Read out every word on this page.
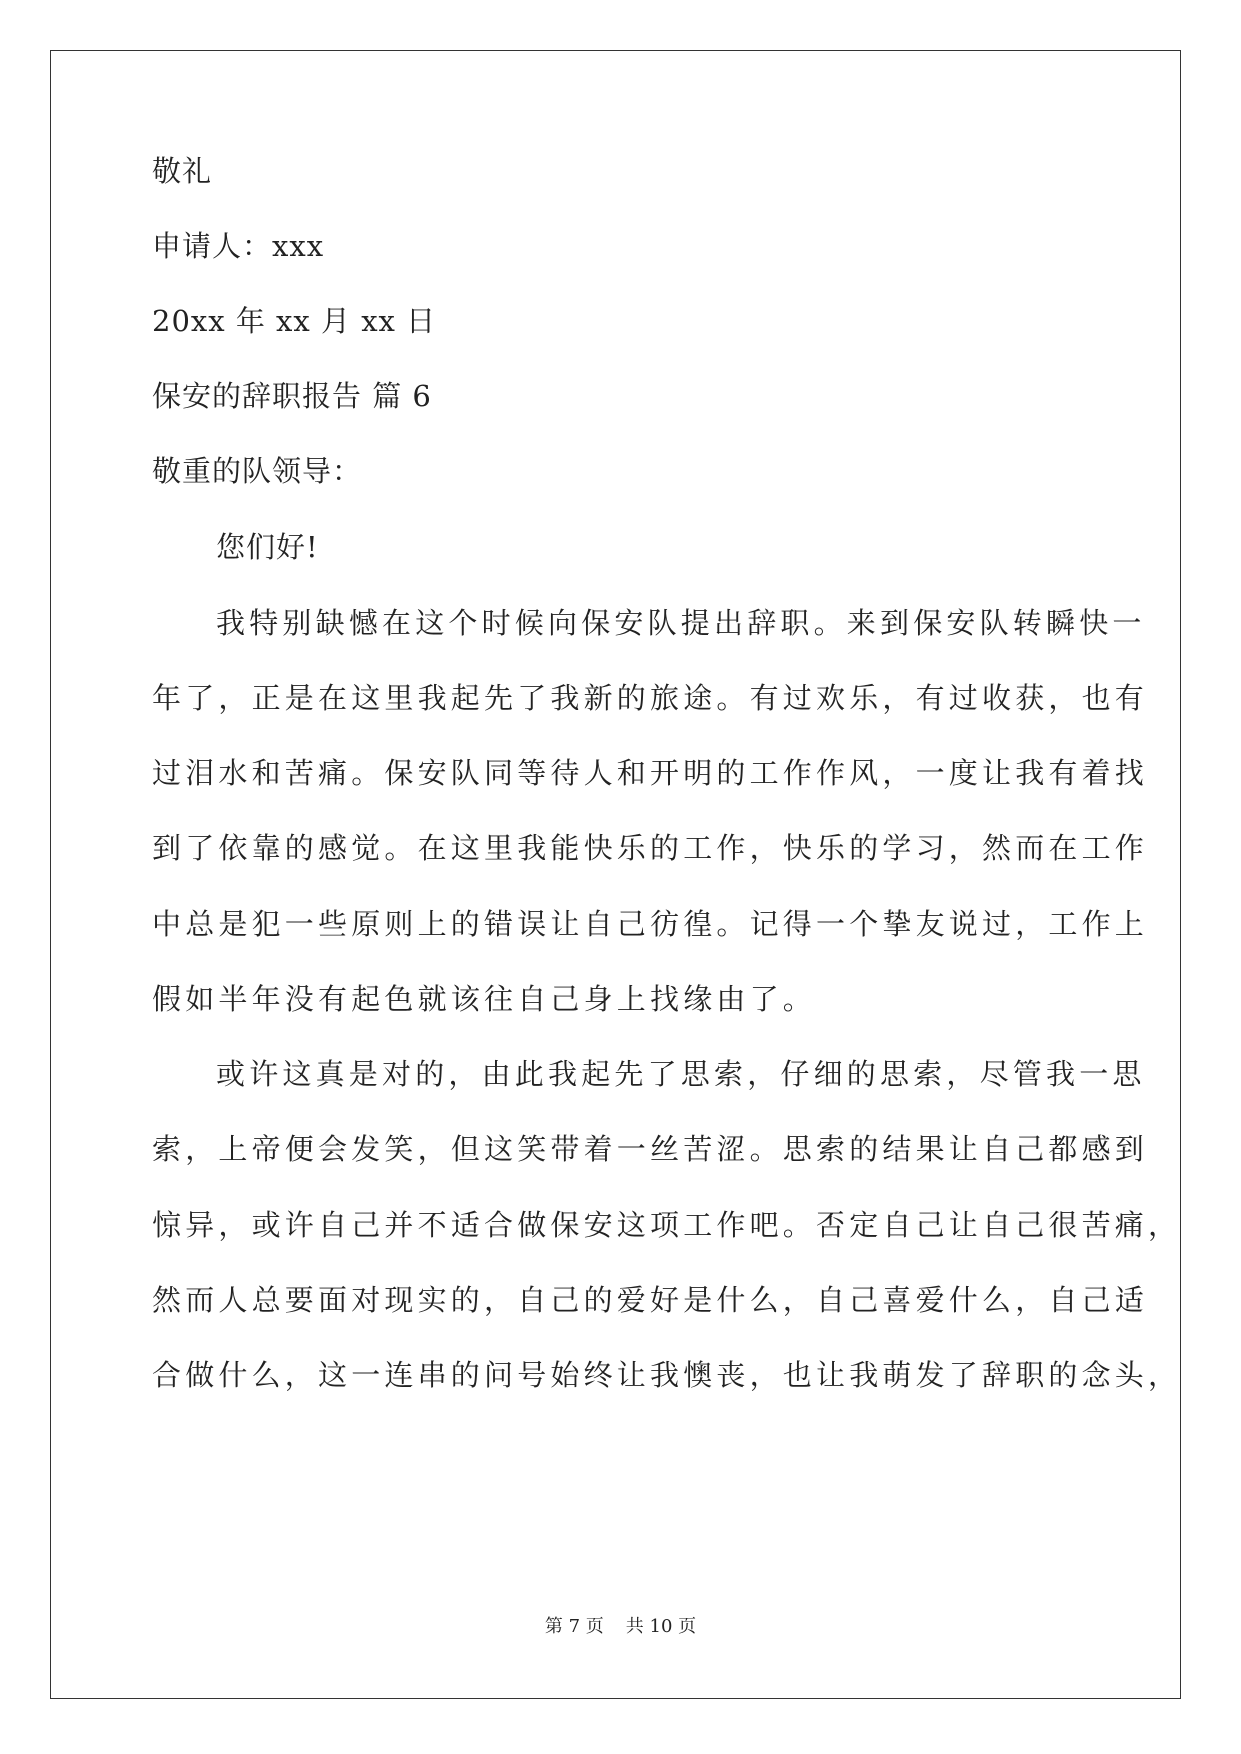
敬礼
申请人：xxx
20xx 年 xx 月 xx 日
保安的辞职报告 篇 6
敬重的队领导：
您们好!
我特别缺憾在这个时候向保安队提出辞职。来到保安队转瞬快一
年了，正是在这里我起先了我新的旅途。有过欢乐，有过收获，也有
过泪水和苦痛。保安队同等待人和开明的工作作风，一度让我有着找
到了依靠的感觉。在这里我能快乐的工作，快乐的学习，然而在工作
中总是犯一些原则上的错误让自己彷徨。记得一个挚友说过，工作上
假如半年没有起色就该往自己身上找缘由了。
或许这真是对的，由此我起先了思索，仔细的思索，尽管我一思
索，上帝便会发笑，但这笑带着一丝苦涩。思索的结果让自己都感到
惊异，或许自己并不适合做保安这项工作吧。否定自己让自己很苦痛，
然而人总要面对现实的，自己的爱好是什么，自己喜爱什么，自己适
合做什么，这一连串的问号始终让我懊丧，也让我萌发了辞职的念头，
第 7 页 共 10 页
